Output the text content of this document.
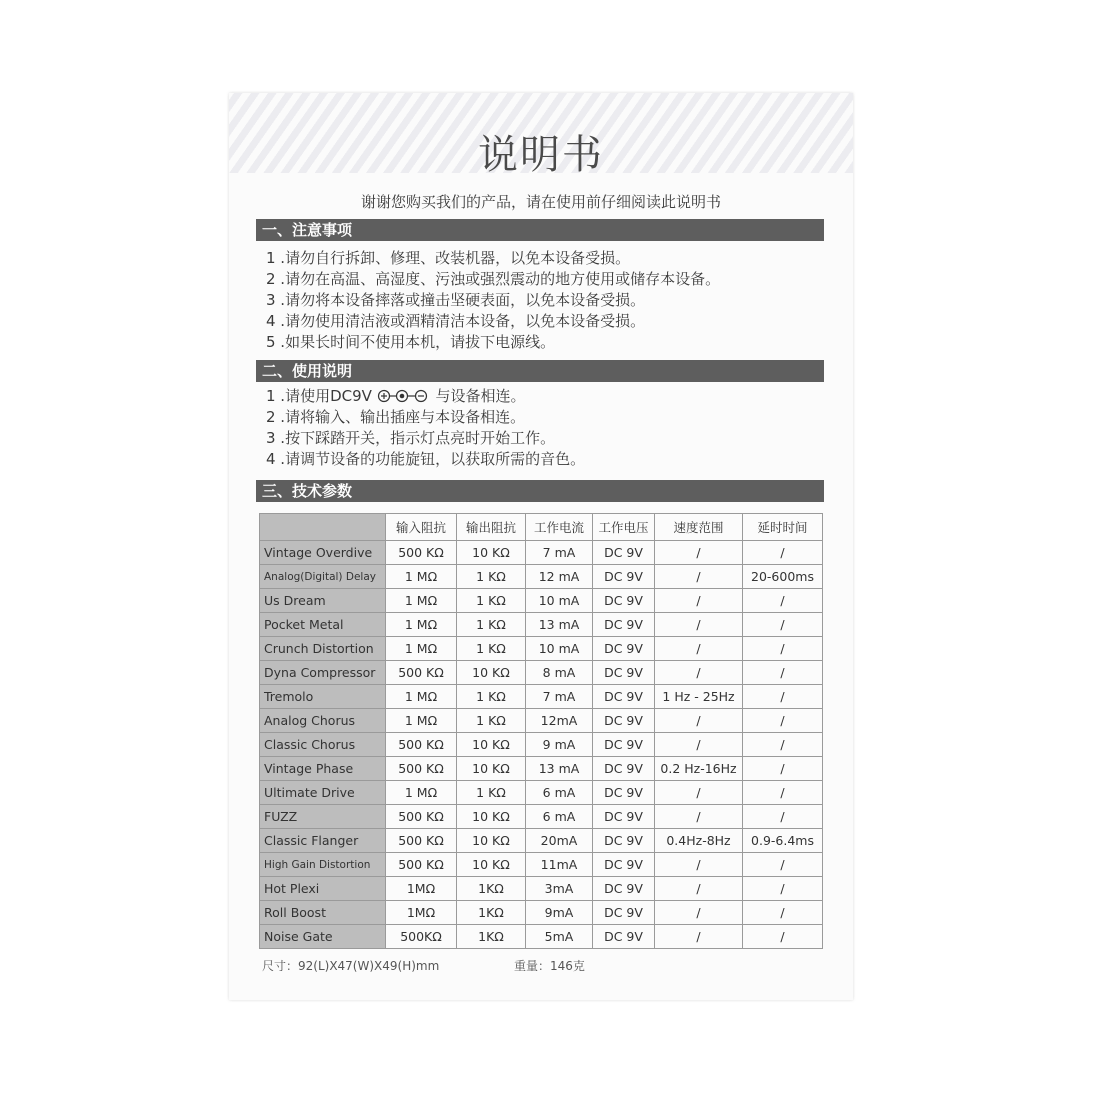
说明书
谢谢您购买我们的产品，请在使用前仔细阅读此说明书
一、注意事项
1 .请勿自行拆卸、修理、改装机器，以免本设备受损。
2 .请勿在高温、高湿度、污浊或强烈震动的地方使用或储存本设备。
3 .请勿将本设备摔落或撞击坚硬表面，以免本设备受损。
4 .请勿使用清洁液或酒精清洁本设备，以免本设备受损。
5 .如果长时间不使用本机，请拔下电源线。
二、使用说明
1 .请使用DC9V	与设备相连。
2 .请将输入、输出插座与本设备相连。
3 .按下踩踏开关，指示灯点亮时开始工作。
4 .请调节设备的功能旋钮，以获取所需的音色。
三、技术参数
	输入阻抗	输出阻抗	工作电流	工作电压	速度范围	延时时间
Vintage Overdive	500 KΩ	10 KΩ	7 mA	DC 9V	/	/
Analog(Digital) Delay	1 MΩ	1 KΩ	12 mA	DC 9V	/	20-600ms
Us Dream	1 MΩ	1 KΩ	10 mA	DC 9V	/	/
Pocket Metal	1 MΩ	1 KΩ	13 mA	DC 9V	/	/
Crunch Distortion	1 MΩ	1 KΩ	10 mA	DC 9V	/	/
Dyna Compressor	500 KΩ	10 KΩ	8 mA	DC 9V	/	/
Tremolo	1 MΩ	1 KΩ	7 mA	DC 9V	1 Hz - 25Hz	/
Analog Chorus	1 MΩ	1 KΩ	12mA	DC 9V	/	/
Classic Chorus	500 KΩ	10 KΩ	9 mA	DC 9V	/	/
Vintage Phase	500 KΩ	10 KΩ	13 mA	DC 9V	0.2 Hz-16Hz	/
Ultimate Drive	1 MΩ	1 KΩ	6 mA	DC 9V	/	/
FUZZ	500 KΩ	10 KΩ	6 mA	DC 9V	/	/
Classic Flanger	500 KΩ	10 KΩ	20mA	DC 9V	0.4Hz-8Hz	0.9-6.4ms
High Gain Distortion	500 KΩ	10 KΩ	11mA	DC 9V	/	/
Hot Plexi	1MΩ	1KΩ	3mA	DC 9V	/	/
Roll Boost	1MΩ	1KΩ	9mA	DC 9V	/	/
Noise Gate	500KΩ	1KΩ	5mA	DC 9V	/	/
尺寸：92(L)X47(W)X49(H)mm	重量：146克
